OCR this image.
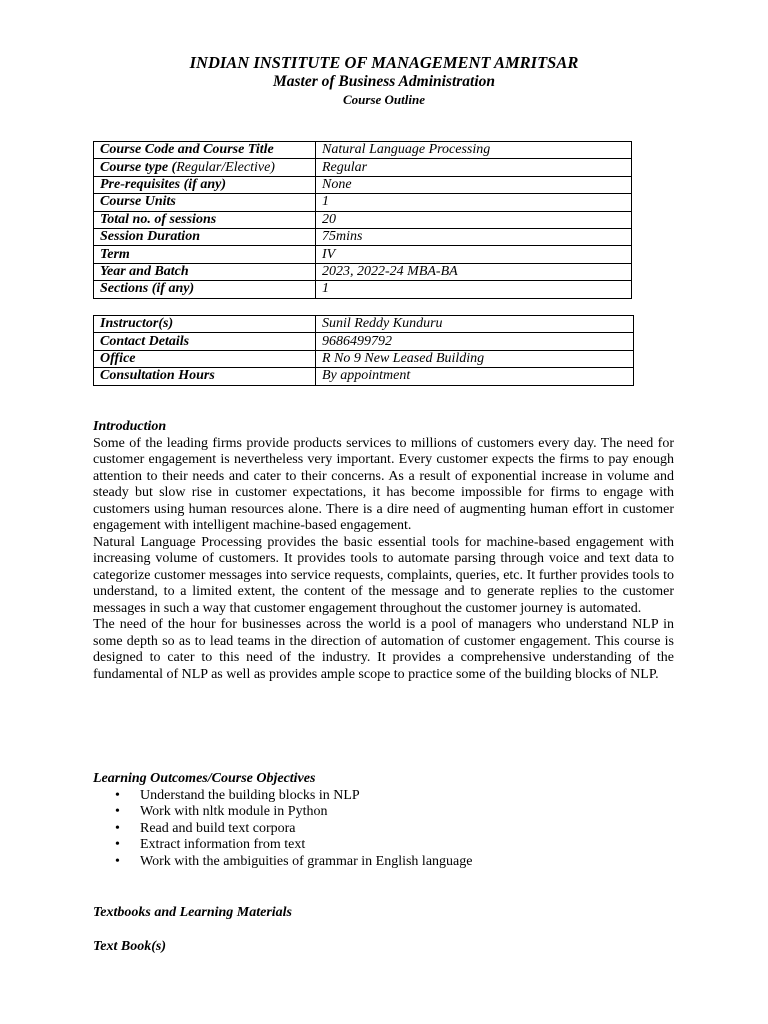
INDIAN INSTITUTE OF MANAGEMENT AMRITSAR
Master of Business Administration
Course Outline
Course Code and Course Title	Natural Language Processing
Course type (Regular/Elective)	Regular
Pre-requisites (if any)	None
Course Units	1
Total no. of sessions	20
Session Duration	75mins
Term	IV
Year and Batch	2023, 2022-24 MBA-BA
Sections (if any)	1
Instructor(s)	Sunil Reddy Kunduru
Contact Details	9686499792
Office	R No 9 New Leased Building
Consultation Hours	By appointment
Introduction

Some of the leading firms provide products services to millions of customers every day. The need for customer engagement is nevertheless very important. Every customer expects the firms to pay enough attention to their needs and cater to their concerns. As a result of exponential increase in volume and steady but slow rise in customer expectations, it has become impossible for firms to engage with customers using human resources alone. There is a dire need of augmenting human effort in customer engagement with intelligent machine-based engagement.

Natural Language Processing provides the basic essential tools for machine-based engagement with increasing volume of customers. It provides tools to automate parsing through voice and text data to categorize customer messages into service requests, complaints, queries, etc. It further provides tools to understand, to a limited extent, the content of the message and to generate replies to the customer messages in such a way that customer engagement throughout the customer journey is automated.

The need of the hour for businesses across the world is a pool of managers who understand NLP in some depth so as to lead teams in the direction of automation of customer engagement. This course is designed to cater to this need of the industry. It provides a comprehensive understanding of the fundamental of NLP as well as provides ample scope to practice some of the building blocks of NLP.

Learning Outcomes/Course Objectives
• Understand the building blocks in NLP
• Work with nltk module in Python
• Read and build text corpora
• Extract information from text
• Work with the ambiguities of grammar in English language
Textbooks and Learning Materials
Text Book(s)
